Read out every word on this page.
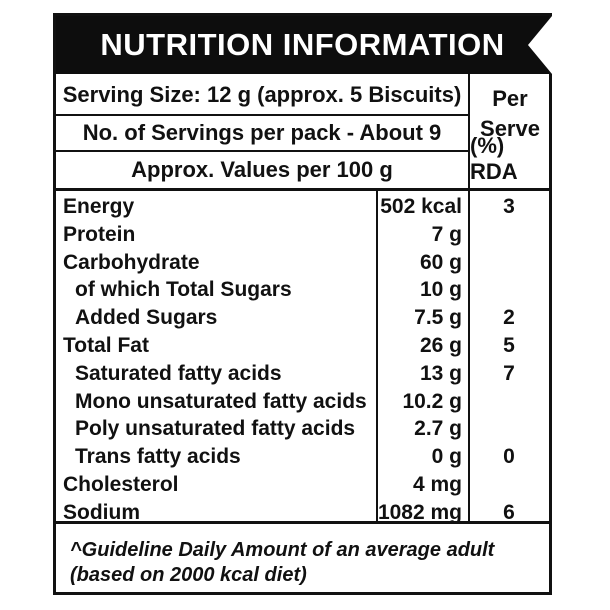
NUTRITION INFORMATION
Serving Size: 12 g (approx. 5 Biscuits)
No. of Servings per pack - About 9
Approx. Values per 100 g
Per
Serve
(%) RDA
Energy	502 kcal	3
Protein	7 g
Carbohydrate	60 g
of which Total Sugars	10 g
Added Sugars	7.5 g	2
Total Fat	26 g	5
Saturated fatty acids	13 g	7
Mono unsaturated fatty acids	10.2 g
Poly unsaturated fatty acids	2.7 g
Trans fatty acids	0 g	0
Cholesterol	4 mg
Sodium	1082 mg	6
^Guideline Daily Amount of an average adult
(based on 2000 kcal diet)
